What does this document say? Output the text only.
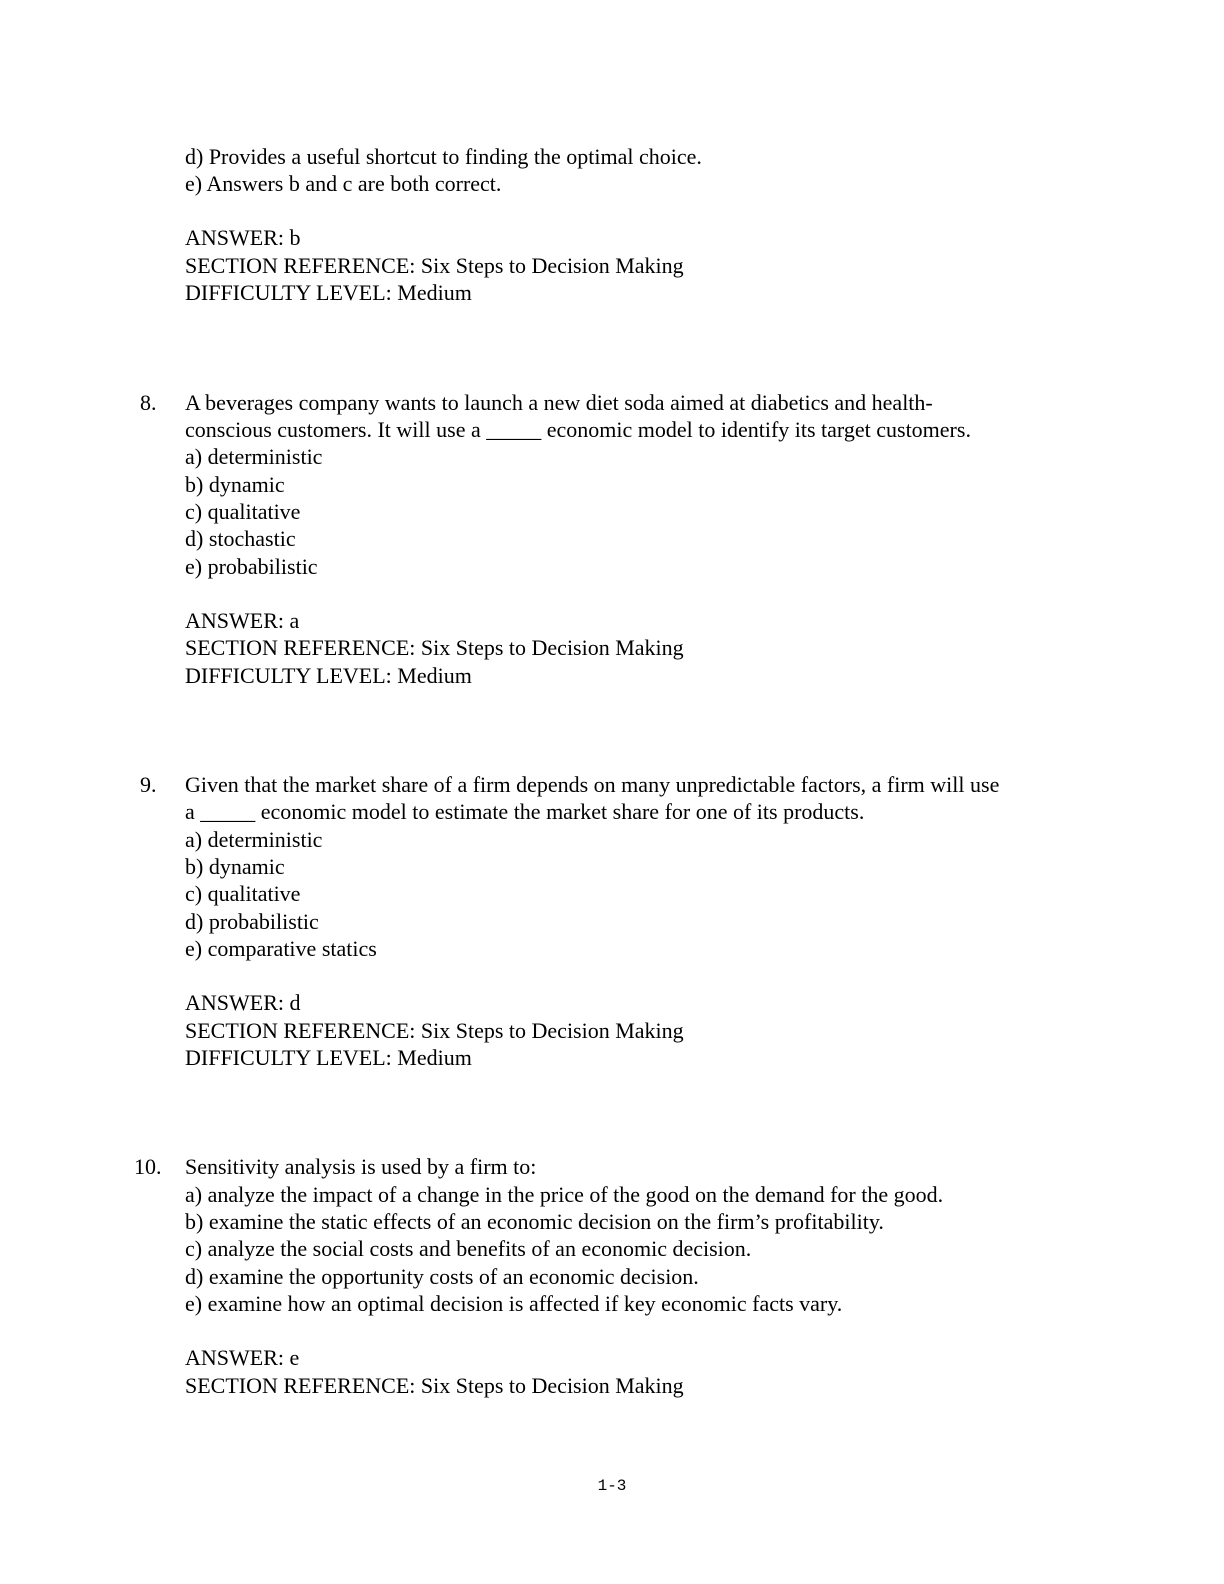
d) Provides a useful shortcut to finding the optimal choice.
e) Answers b and c are both correct.
ANSWER: b
SECTION REFERENCE: Six Steps to Decision Making
DIFFICULTY LEVEL: Medium
8. A beverages company wants to launch a new diet soda aimed at diabetics and health-
conscious customers. It will use a _____ economic model to identify its target customers.
a) deterministic
b) dynamic
c) qualitative
d) stochastic
e) probabilistic
ANSWER: a
SECTION REFERENCE: Six Steps to Decision Making
DIFFICULTY LEVEL: Medium
9. Given that the market share of a firm depends on many unpredictable factors, a firm will use
a _____ economic model to estimate the market share for one of its products.
a) deterministic
b) dynamic
c) qualitative
d) probabilistic
e) comparative statics
ANSWER: d
SECTION REFERENCE: Six Steps to Decision Making
DIFFICULTY LEVEL: Medium
10. Sensitivity analysis is used by a firm to:
a) analyze the impact of a change in the price of the good on the demand for the good.
b) examine the static effects of an economic decision on the firm’s profitability.
c) analyze the social costs and benefits of an economic decision.
d) examine the opportunity costs of an economic decision.
e) examine how an optimal decision is affected if key economic facts vary.
ANSWER: e
SECTION REFERENCE: Six Steps to Decision Making
1-3
